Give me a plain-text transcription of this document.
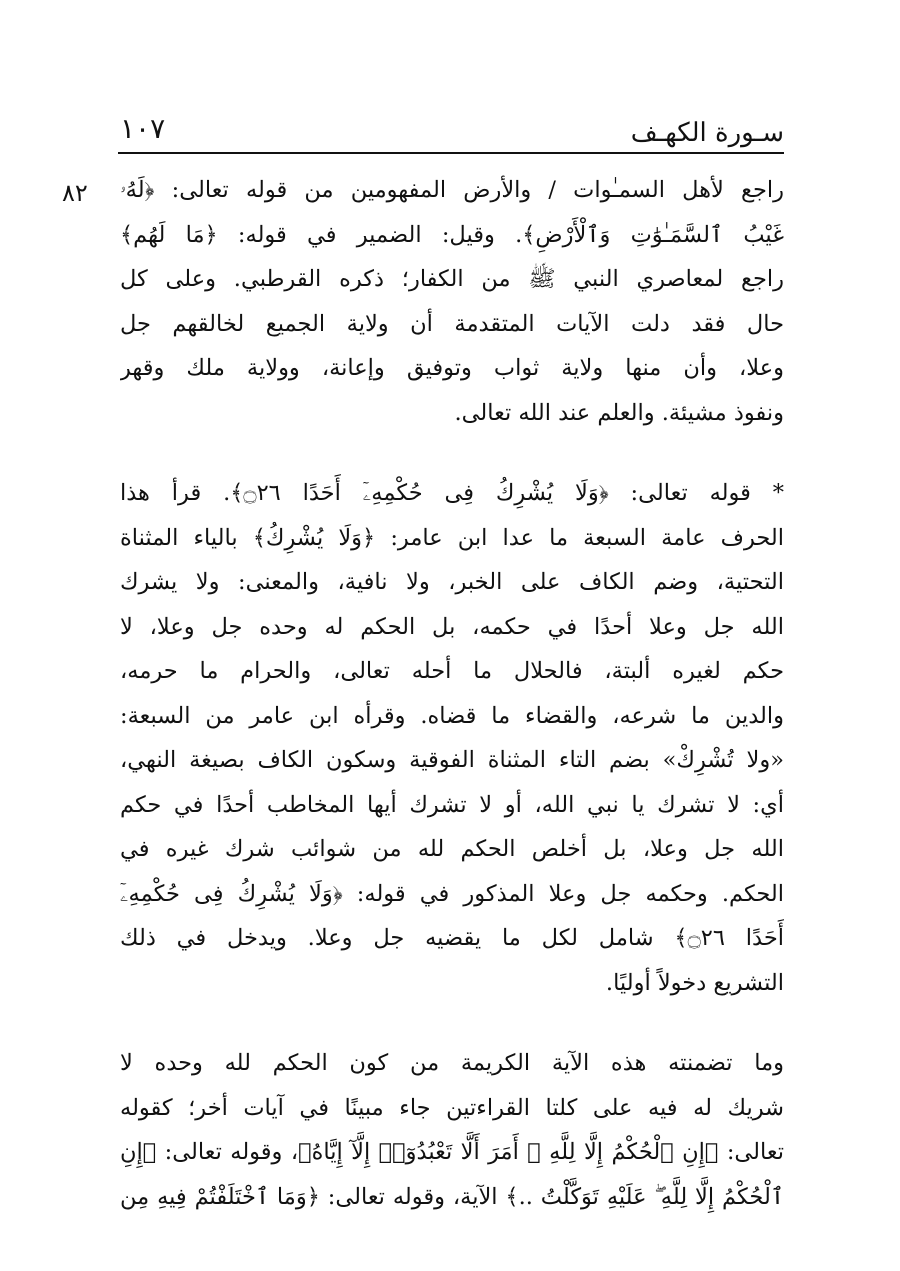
سـورة الكهـف
١٠٧
٨٢ راجع لأهل السمـٰوات / والأرض المفهومين من قوله تعالى: ﴿لَهُۥ
غَيْبُ ٱلسَّمَـٰوَٰتِ وَٱلْأَرْضِ﴾. وقيل: الضمير في قوله: ﴿مَا لَهُم﴾
راجع لمعاصري النبي ﷺ من الكفار؛ ذكره القرطبي. وعلى كل
حال فقد دلت الآيات المتقدمة أن ولاية الجميع لخالقهم جل
وعلا، وأن منها ولاية ثواب وتوفيق وإعانة، وولاية ملك وقهر
ونفوذ مشيئة. والعلم عند الله تعالى.
* قوله تعالى: ﴿وَلَا يُشْرِكُ فِى حُكْمِهِۦٓ أَحَدًا ۝٢٦﴾. قرأ هذا
الحرف عامة السبعة ما عدا ابن عامر: ﴿وَلَا يُشْرِكُ﴾ بالياء المثناة
التحتية، وضم الكاف على الخبر، ولا نافية، والمعنى: ولا يشرك
الله جل وعلا أحدًا في حكمه، بل الحكم له وحده جل وعلا، لا
حكم لغيره ألبتة، فالحلال ما أحله تعالى، والحرام ما حرمه،
والدين ما شرعه، والقضاء ما قضاه. وقرأه ابن عامر من السبعة:
«ولا تُشْرِكْ» بضم التاء المثناة الفوقية وسكون الكاف بصيغة النهي،
أي: لا تشرك يا نبي الله، أو لا تشرك أيها المخاطب أحدًا في حكم
الله جل وعلا، بل أخلص الحكم لله من شوائب شرك غيره في
الحكم. وحكمه جل وعلا المذكور في قوله: ﴿وَلَا يُشْرِكُ فِى حُكْمِهِۦٓ
أَحَدًا ۝٢٦﴾ شامل لكل ما يقضيه جل وعلا. ويدخل في ذلك
التشريع دخولاً أوليًا.
وما تضمنته هذه الآية الكريمة من كون الحكم لله وحده لا
شريك له فيه على كلتا القراءتين جاء مبينًا في آيات أخر؛ كقوله
تعالى: ﴿إِنِ ٱلْحُكْمُ إِلَّا لِلَّهِ ۚ أَمَرَ أَلَّا تَعْبُدُوٓا۟ إِلَّآ إِيَّاهُ﴾، وقوله تعالى: ﴿إِنِ
ٱلْحُكْمُ إِلَّا لِلَّهِ ۖ عَلَيْهِ تَوَكَّلْتُ ..﴾ الآية، وقوله تعالى: ﴿وَمَا ٱخْتَلَفْتُمْ فِيهِ مِن
